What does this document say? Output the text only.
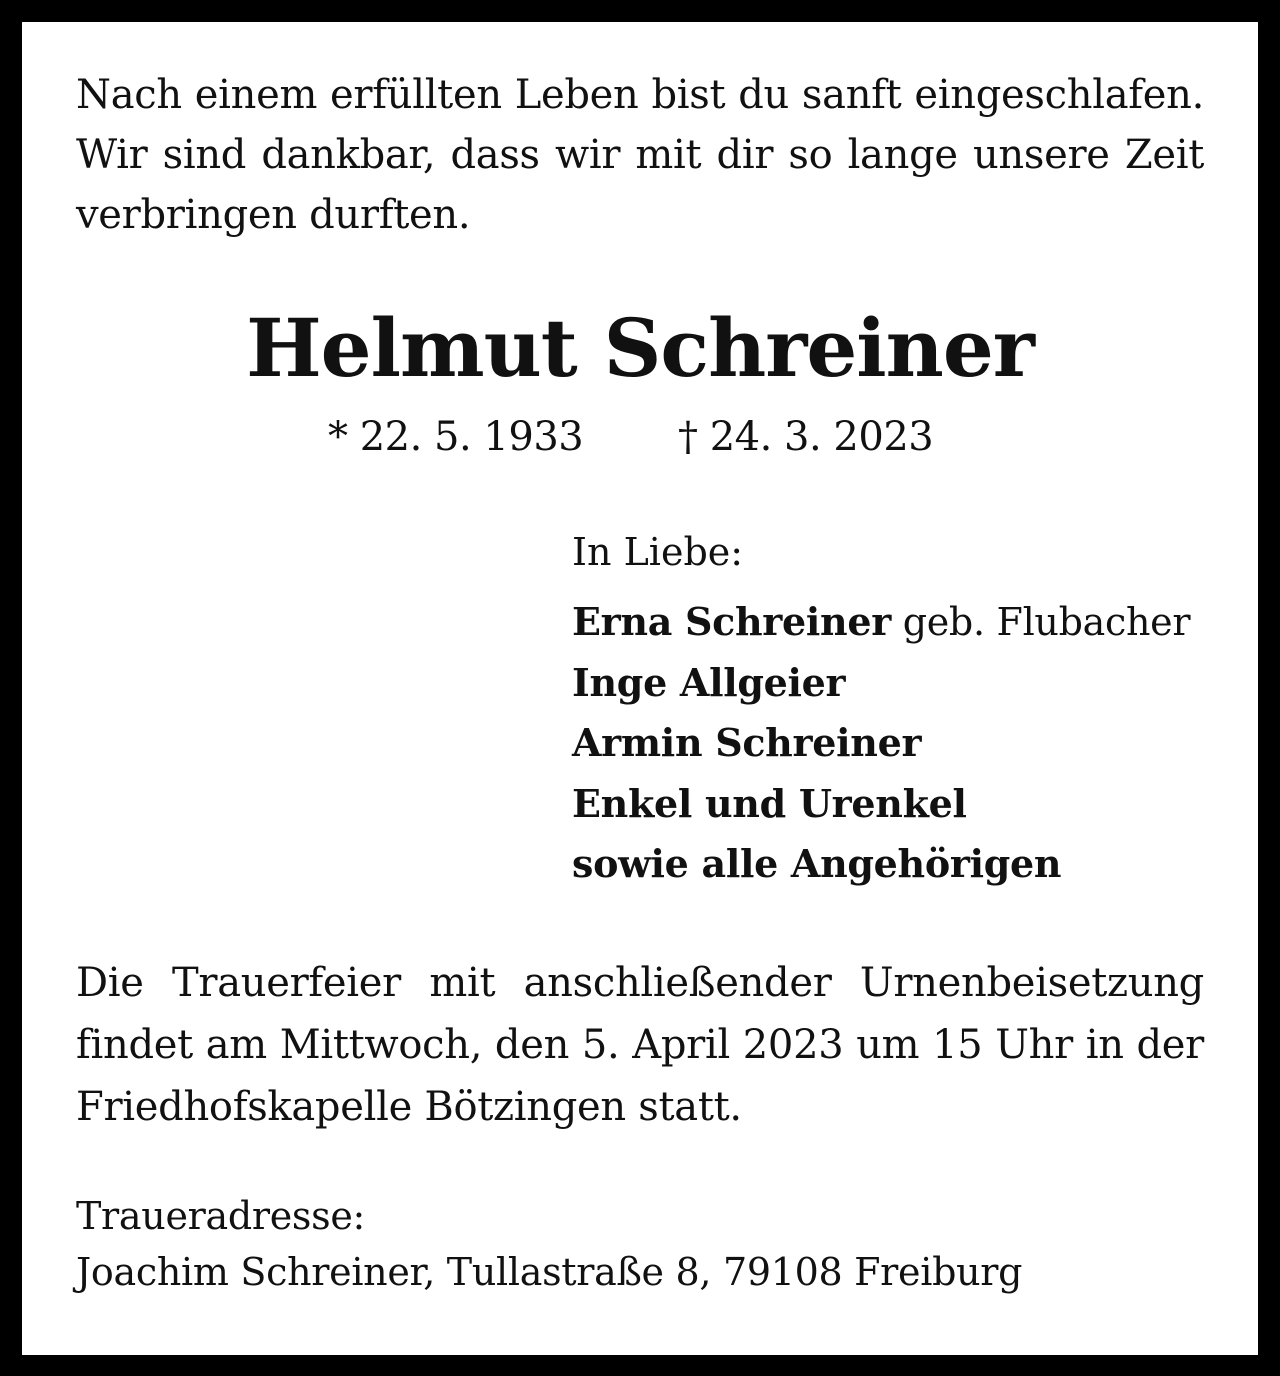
Nach einem erfüllten Leben bist du sanft eingeschlafen.

Wir sind dankbar, dass wir mit dir so lange unsere Zeit

verbringen durften.

Helmut Schreiner

* 22. 5. 1933 † 24. 3. 2023

In Liebe:

Erna Schreiner geb. Flubacher

Inge Allgeier

Armin Schreiner

Enkel und Urenkel

sowie alle Angehörigen

Die Trauerfeier mit anschließender Urnenbeisetzung

findet am Mittwoch, den 5. April 2023 um 15 Uhr in der

Friedhofskapelle Bötzingen statt.

Traueradresse:

Joachim Schreiner, Tullastraße 8, 79108 Freiburg
